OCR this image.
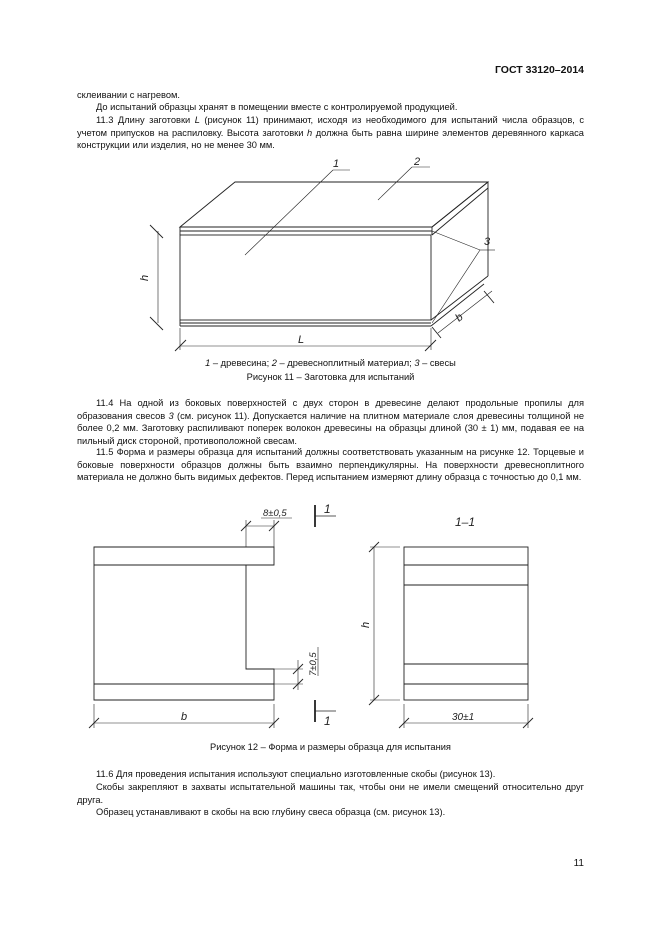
ГОСТ 33120–2014

склеивании с нагревом.

До испытаний образцы хранят в помещении вместе с контролируемой продукцией.

11.3 Длину заготовки L (рисунок 11) принимают, исходя из необходимого для испытаний числа образцов, с учетом припусков на распиловку. Высота заготовки h должна быть равна ширине элементов деревянного каркаса конструкции или изделия, но не менее 30 мм.

1	2
3
h
L
b
1 – древесина; 2 – древесноплитный материал; 3 – свесы
Рисунок 11 – Заготовка для испытаний

11.4 На одной из боковых поверхностей с двух сторон в древесине делают продольные пропилы для образования свесов 3 (см. рисунок 11). Допускается наличие на плитном материале слоя древесины толщиной не более 0,2 мм. Заготовку распиливают поперек волокон древесины на образцы длиной (30 ± 1) мм, подавая ее на пильный диск стороной, противоположной свесам.

11.5 Форма и размеры образца для испытаний должны соответствовать указанным на рисунке 12. Торцевые и боковые поверхности образцов должны быть взаимно перпендикулярны. На поверхности древесноплитного материала не должно быть видимых дефектов. Перед испытанием измеряют длину образца с точностью до 0,1 мм.

8±0,5
7±0,5
1
1
1–1
b
h
30±1
Рисунок 12 – Форма и размеры образца для испытания

11.6 Для проведения испытания используют специально изготовленные скобы (рисунок 13).

Скобы закрепляют в захваты испытательной машины так, чтобы они не имели смещений относительно друг друга.

Образец устанавливают в скобы на всю глубину свеса образца (см. рисунок 13).

11
